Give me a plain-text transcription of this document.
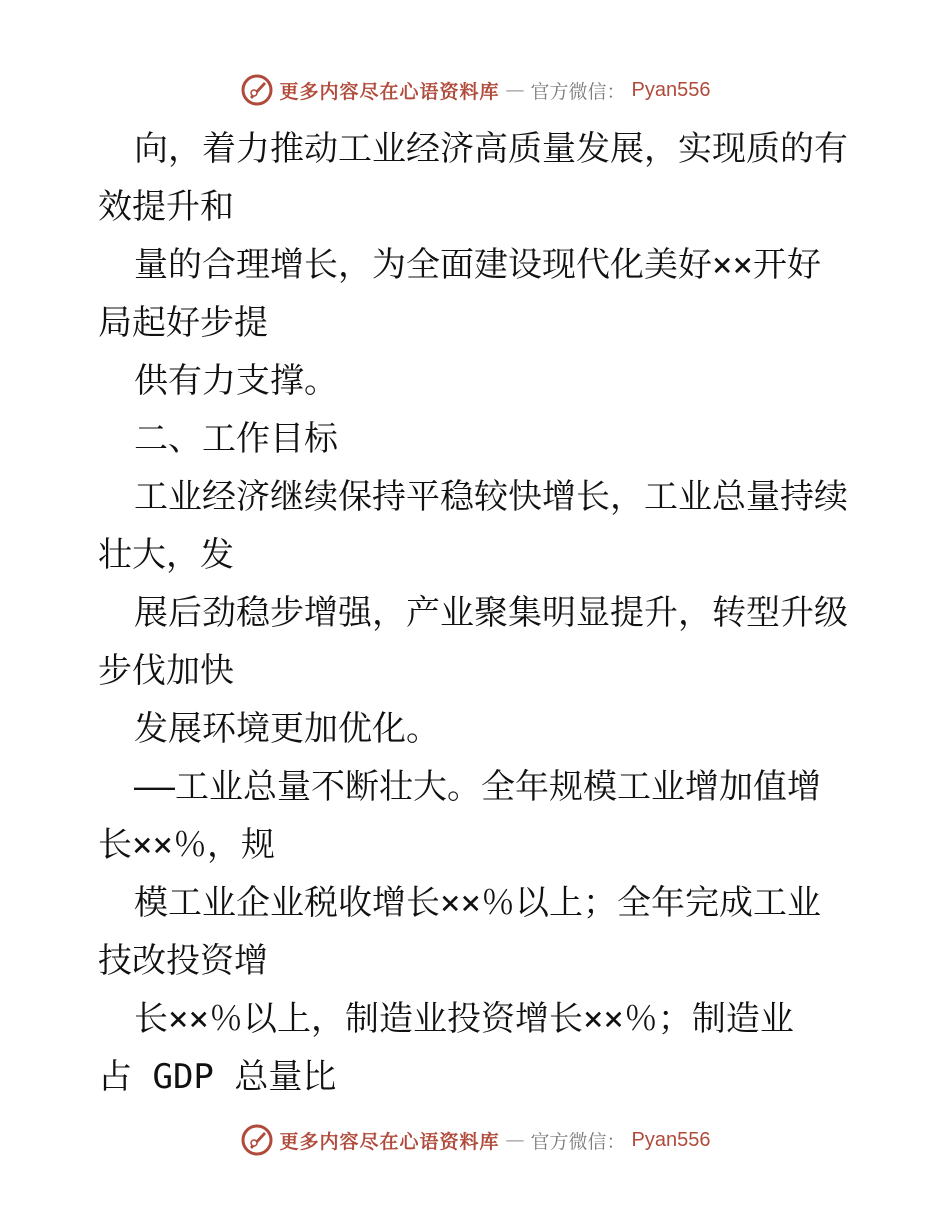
更多内容尽在心语资料库 — 官方微信： Pyan556
向，着力推动工业经济高质量发展，实现质的有
效提升和
量的合理增长，为全面建设现代化美好××开好
局起好步提
供有力支撑。
二、工作目标
工业经济继续保持平稳较快增长，工业总量持续
壮大，发
展后劲稳步增强，产业聚集明显提升，转型升级
步伐加快
发展环境更加优化。
——工业总量不断壮大。全年规模工业增加值增
长××％，规
模工业企业税收增长××％以上；全年完成工业
技改投资增
长××％以上，制造业投资增长××％；制造业
占 GDP 总量比
更多内容尽在心语资料库 — 官方微信： Pyan556
